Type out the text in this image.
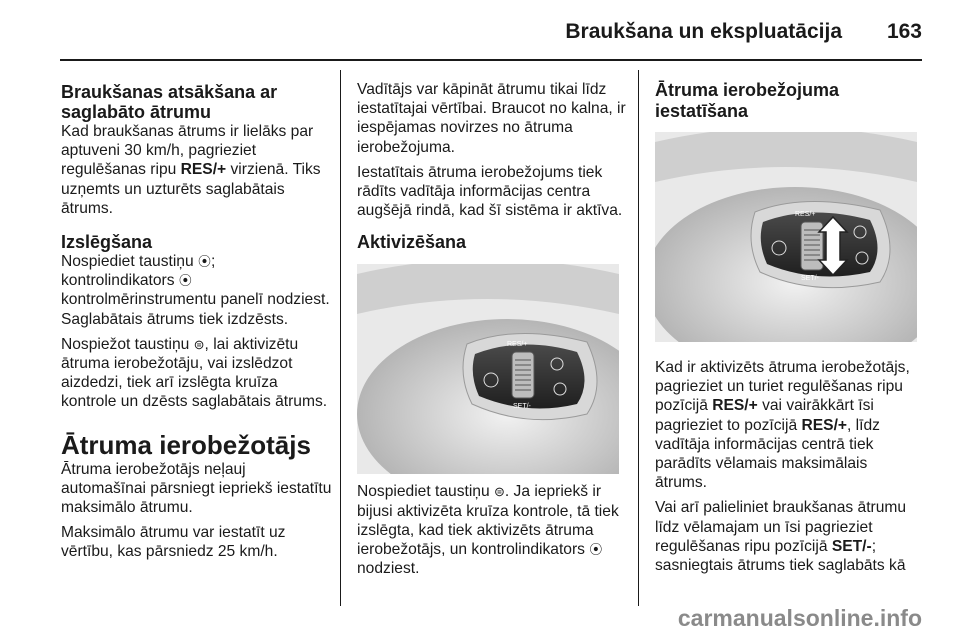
Braukšana un ekspluatācija 163
Braukšanas atsākšana ar saglabāto ātrumu

Kad braukšanas ātrums ir lielāks par aptuveni 30 km/h, pagrieziet regulēšanas ripu RES/+ virzienā. Tiks uzņemts un uzturēts saglabātais ātrums.

Izslēgšana

Nospiediet taustiņu ⦿; kontrolindikators ⦿ kontrolmērinstrumentu panelī nodziest. Saglabātais ātrums tiek izdzēsts.

Nospiežot taustiņu ⊜, lai aktivizētu ātruma ierobežotāju, vai izslēdzot aizdedzi, tiek arī izslēgta kruīza kontrole un dzēsts saglabātais ātrums.

Ātruma ierobežotājs

Ātruma ierobežotājs neļauj automašīnai pārsniegt iepriekš iestatītu maksimālo ātrumu.

Maksimālo ātrumu var iestatīt uz vērtību, kas pārsniedz 25 km/h.

Vadītājs var kāpināt ātrumu tikai līdz iestatītajai vērtībai. Braucot no kalna, ir iespējamas novirzes no ātruma ierobežojuma.

Iestatītais ātruma ierobežojums tiek rādīts vadītāja informācijas centra augšējā rindā, kad šī sistēma ir aktīva.

Aktivizēšana
RES/+
SET/-

Nospiediet taustiņu ⊜. Ja iepriekš ir bijusi aktivizēta kruīza kontrole, tā tiek izslēgta, kad tiek aktivizēts ātruma ierobežotājs, un kontrolindikators ⦿ nodziest.

Ātruma ierobežojuma iestatīšana
RES/+
SET/-

Kad ir aktivizēts ātruma ierobežotājs, pagrieziet un turiet regulēšanas ripu pozīcijā RES/+ vai vairākkārt īsi pagrieziet to pozīcijā RES/+, līdz vadītāja informācijas centrā tiek parādīts vēlamais maksimālais ātrums.

Vai arī palieliniet braukšanas ātrumu līdz vēlamajam un īsi pagrieziet regulēšanas ripu pozīcijā SET/-; sasniegtais ātrums tiek saglabāts kā

carmanualsonline.info
